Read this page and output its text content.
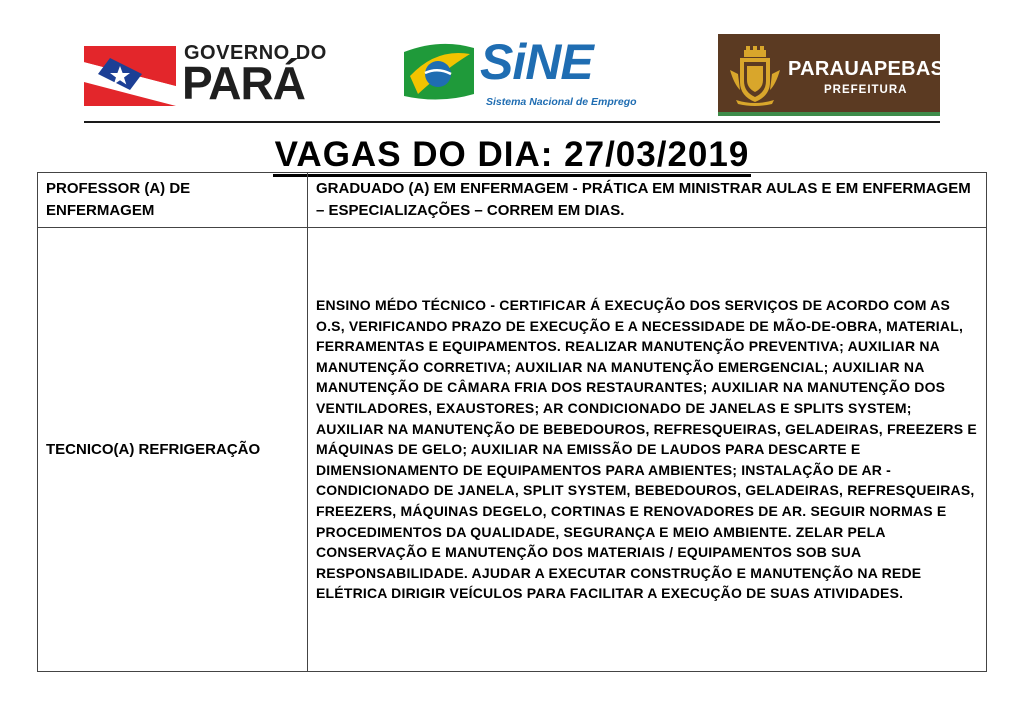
GOVERNO DO
PARÁ	SiNE
Sistema Nacional de Emprego
PARAUAPEBAS
PREFEITURA
VAGAS DO DIA: 27/03/2019
PROFESSOR (A) DE ENFERMAGEM	GRADUADO (A) EM ENFERMAGEM - PRÁTICA EM MINISTRAR AULAS E EM ENFERMAGEM – ESPECIALIZAÇÕES – CORREM EM DIAS.
TECNICO(A) REFRIGERAÇÃO	ENSINO MÉDO TÉCNICO - CERTIFICAR Á EXECUÇÃO DOS SERVIÇOS DE ACORDO COM AS O.S, VERIFICANDO PRAZO DE EXECUÇÃO E A NECESSIDADE DE MÃO-DE-OBRA, MATERIAL, FERRAMENTAS E EQUIPAMENTOS. REALIZAR MANUTENÇÃO PREVENTIVA; AUXILIAR NA MANUTENÇÃO CORRETIVA; AUXILIAR NA MANUTENÇÃO EMERGENCIAL; AUXILIAR NA MANUTENÇÃO DE CÂMARA FRIA DOS RESTAURANTES; AUXILIAR NA MANUTENÇÃO DOS VENTILADORES, EXAUSTORES; AR CONDICIONADO DE JANELAS E SPLITS SYSTEM; AUXILIAR NA MANUTENÇÃO DE BEBEDOUROS, REFRESQUEIRAS, GELADEIRAS, FREEZERS E MÁQUINAS DE GELO; AUXILIAR NA EMISSÃO DE LAUDOS PARA DESCARTE E DIMENSIONAMENTO DE EQUIPAMENTOS PARA AMBIENTES; INSTALAÇÃO DE AR - CONDICIONADO DE JANELA, SPLIT SYSTEM, BEBEDOUROS, GELADEIRAS, REFRESQUEIRAS, FREEZERS, MÁQUINAS DEGELO, CORTINAS E RENOVADORES DE AR. SEGUIR NORMAS E PROCEDIMENTOS DA QUALIDADE, SEGURANÇA E MEIO AMBIENTE. ZELAR PELA CONSERVAÇÃO E MANUTENÇÃO DOS MATERIAIS / EQUIPAMENTOS SOB SUA RESPONSABILIDADE. AJUDAR A EXECUTAR CONSTRUÇÃO E MANUTENÇÃO NA REDE ELÉTRICA DIRIGIR VEÍCULOS PARA FACILITAR A EXECUÇÃO DE SUAS ATIVIDADES.
